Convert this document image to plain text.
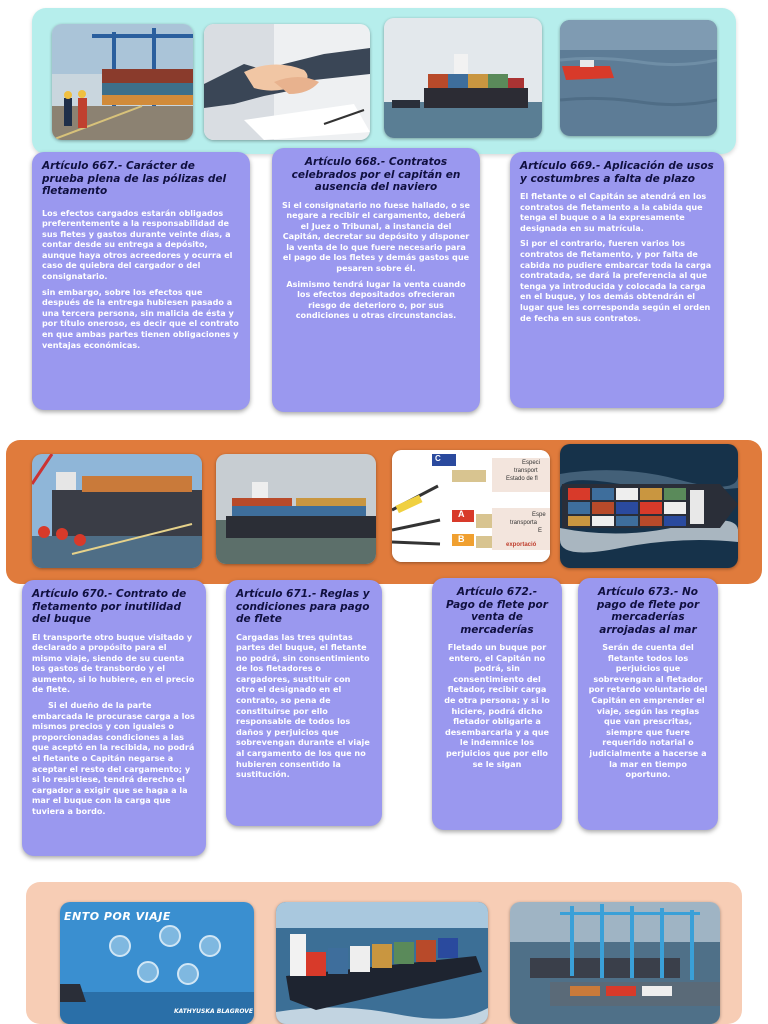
Artículo 667.- Carácter de prueba plena de las pólizas del fletamento

Los efectos cargados estarán obligados preferentemente a la responsabilidad de sus fletes y gastos durante veinte días, a contar desde su entrega a depósito, aunque haya otros acreedores y ocurra el caso de quiebra del cargador o del consignatario.

sin embargo, sobre los efectos que después de la entrega hubiesen pasado a una tercera persona, sin malicia de ésta y por título oneroso, es decir que el contrato en que ambas partes tienen obligaciones y ventajas económicas.

Artículo 668.- Contratos celebrados por el capitán en ausencia del naviero

Si el consignatario no fuese hallado, o se negare a recibir el cargamento, deberá el Juez o Tribunal, a instancia del Capitán, decretar su depósito y disponer la venta de lo que fuere necesario para el pago de los fletes y demás gastos que pesaren sobre él.

Asimismo tendrá lugar la venta cuando los efectos depositados ofrecieran riesgo de deterioro o, por sus condiciones u otras circunstancias.

Artículo 669.- Aplicación de usos y costumbres a falta de plazo

El fletante o el Capitán se atendrá en los contratos de fletamento a la cabida que tenga el buque o a la expresamente designada en su matrícula.

Si por el contrario, fueren varios los contratos de fletamento, y por falta de cabida no pudiere embarcar toda la carga contratada, se dará la preferencia al que tenga ya introducida y colocada la carga en el buque, y los demás obtendrán el lugar que les corresponda según el orden de fecha en sus contratos.

C
A
B
Especi
transport
Estado de fl
Espe
transporta
E
exportació
Artículo 670.- Contrato de fletamento por inutilidad del buque

El transporte otro buque visitado y declarado a propósito para el mismo viaje, siendo de su cuenta los gastos de transbordo y el aumento, si lo hubiere, en el precio de flete.

Si el dueño de la parte embarcada le procurase carga a los mismos precios y con iguales o proporcionadas condiciones a las que aceptó en la recibida, no podrá el fletante o Capitán negarse a aceptar el resto del cargamento; y si lo resistiese, tendrá derecho el cargador a exigir que se haga a la mar el buque con la carga que tuviera a bordo.

Artículo 671.- Reglas y condiciones para pago de flete

Cargadas las tres quintas partes del buque, el fletante no podrá, sin consentimiento de los fletadores o cargadores, sustituir con otro el designado en el contrato, so pena de constituirse por ello responsable de todos los daños y perjuicios que sobrevengan durante el viaje al cargamento de los que no hubieren consentido la sustitución.

Artículo 672.- Pago de flete por venta de mercaderías

Fletado un buque por entero, el Capitán no podrá, sin consentimiento del fletador, recibir carga de otra persona; y si lo hiciere, podrá dicho fletador obligarle a desembarcarla y a que le indemnice los perjuicios que por ello se le sigan

Artículo 673.- No pago de flete por mercaderías arrojadas al mar

Serán de cuenta del fletante todos los perjuicios que sobrevengan al fletador por retardo voluntario del Capitán en emprender el viaje, según las reglas que van prescritas, siempre que fuere requerido notarial o judicialmente a hacerse a la mar en tiempo oportuno.

ENTO POR VIAJE
KATHYUSKA BLAGROVE
